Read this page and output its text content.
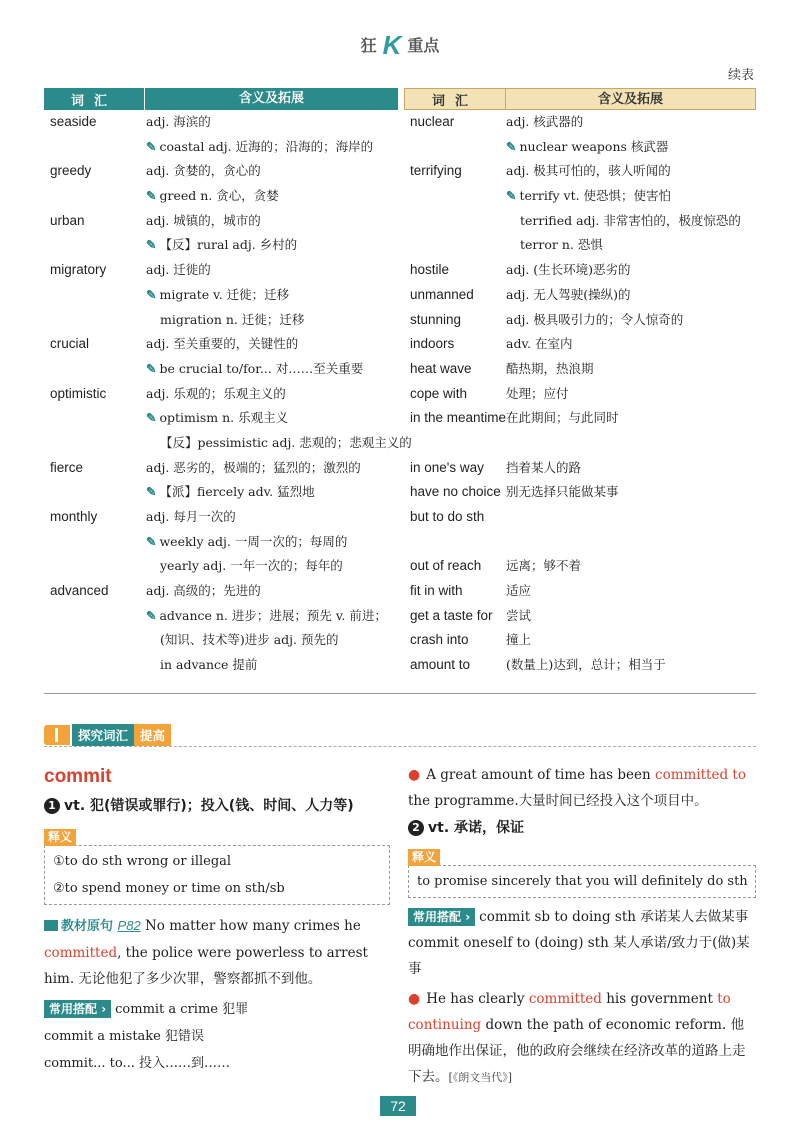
狂 K 重点
续表
词汇	含义及拓展
seaside	adj. 海滨的
✎ coastal adj. 近海的；沿海的；海岸的
greedy	adj. 贪婪的，贪心的
✎ greed n. 贪心，贪婪
urban	adj. 城镇的，城市的
✎ 【反】rural adj. 乡村的
migratory	adj. 迁徙的
✎ migrate v. 迁徙；迁移
migration n. 迁徙；迁移
crucial	adj. 至关重要的，关键性的
✎ be crucial to/for... 对……至关重要
optimistic	adj. 乐观的；乐观主义的
✎ optimism n. 乐观主义
【反】pessimistic adj. 悲观的；悲观主义的
fierce	adj. 恶劣的，极端的；猛烈的；激烈的
✎ 【派】fiercely adv. 猛烈地
monthly	adj. 每月一次的
✎ weekly adj. 一周一次的；每周的
yearly adj. 一年一次的；每年的
advanced	adj. 高级的；先进的
✎ advance n. 进步；进展；预先 v. 前进；
(知识、技术等)进步 adj. 预先的
in advance 提前
词汇	含义及拓展
nuclear	adj. 核武器的
✎ nuclear weapons 核武器
terrifying	adj. 极其可怕的，骇人听闻的
✎ terrify vt. 使恐惧；使害怕
terrified adj. 非常害怕的，极度惊恐的
terror n. 恐惧
hostile	adj. (生长环境)恶劣的
unmanned	adj. 无人驾驶(操纵)的
stunning	adj. 极具吸引力的；令人惊奇的
indoors	adv. 在室内
heat wave	酷热期，热浪期
cope with	处理；应付
in the meantime 在此期间；与此同时
in one's way 挡着某人的路
have no choice but to do sth
别无选择只能做某事
out of reach 远离；够不着
fit in with	适应
get a taste for 尝试
crash into	撞上
amount to	(数量上)达到，总计；相当于
探究词汇 提高
commit
1 vt. 犯(错误或罪行)；投入(钱、时间、人力等)
释义
①to do sth wrong or illegal
②to spend money or time on sth/sb
教材原句 P82 No matter how many crimes he committed, the police were powerless to arrest him. 无论他犯了多少次罪，警察都抓不到他。
常用搭配 › commit a crime 犯罪
commit a mistake 犯错误
commit... to... 投入……到……
● A great amount of time has been committed to the programme.大量时间已经投入这个项目中。
2 vt. 承诺，保证
释义
to promise sincerely that you will definitely do sth
常用搭配 › commit sb to doing sth 承诺某人去做某事 commit oneself to (doing) sth 某人承诺/致力于(做)某事
● He has clearly committed his government to continuing down the path of economic reform. 他明确地作出保证，他的政府会继续在经济改革的道路上走下去。[《朗文当代》]
72
